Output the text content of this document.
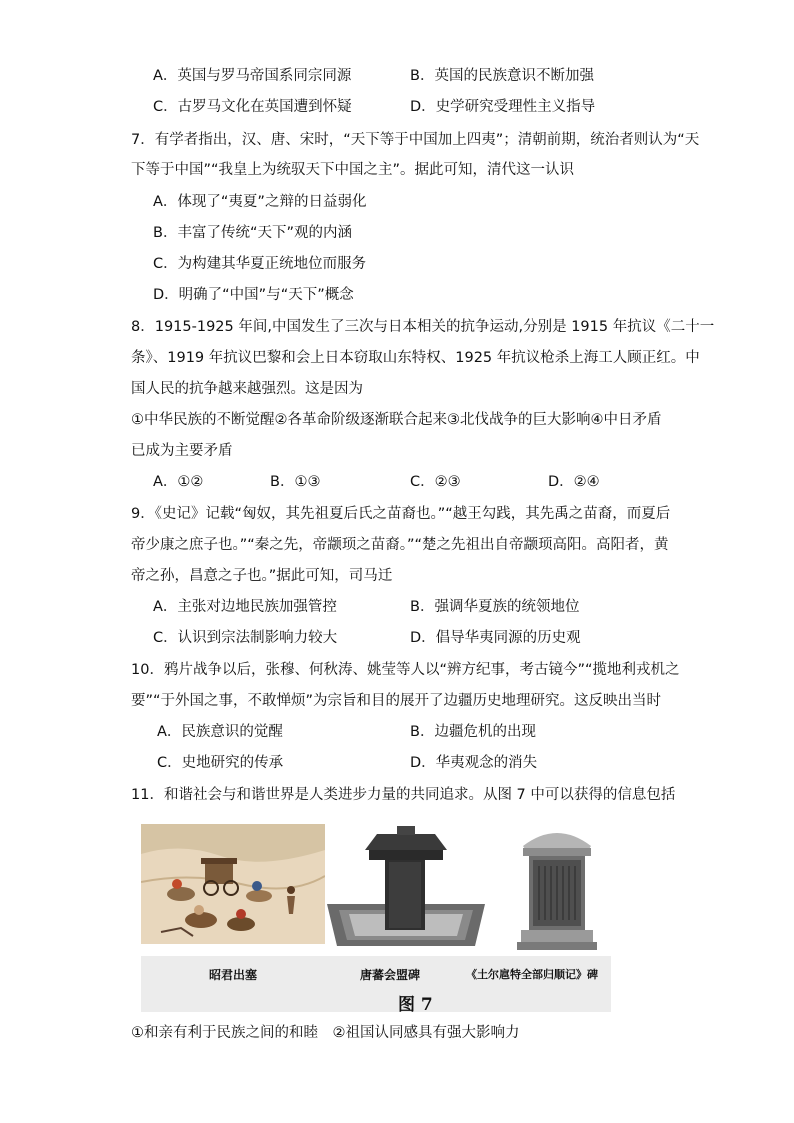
A．英国与罗马帝国系同宗同源	B．英国的民族意识不断加强
C．古罗马文化在英国遭到怀疑	D．史学研究受理性主义指导
7．有学者指出，汉、唐、宋时，“天下等于中国加上四夷”；清朝前期，统治者则认为“天
下等于中国”“我皇上为统驭天下中国之主”。据此可知，清代这一认识
A．体现了“夷夏”之辩的日益弱化
B．丰富了传统“天下”观的内涵
C．为构建其华夏正统地位而服务
D．明确了“中国”与“天下”概念
8．1915-1925 年间,中国发生了三次与日本相关的抗争运动,分别是 1915 年抗议《二十一
条》、1919 年抗议巴黎和会上日本窃取山东特权、1925 年抗议枪杀上海工人顾正红。中
国人民的抗争越来越强烈。这是因为
①中华民族的不断觉醒②各革命阶级逐渐联合起来③北伐战争的巨大影响④中日矛盾
已成为主要矛盾
A．①②	B．①③	C．②③	D．②④
9．《史记》记载“匈奴，其先祖夏后氏之苗裔也。”“越王勾践，其先禹之苗裔，而夏后
帝少康之庶子也。”“秦之先，帝颛顼之苗裔。”“楚之先祖出自帝颛顼高阳。高阳者，黄
帝之孙，昌意之子也。”据此可知，司马迁
A．主张对边地民族加强管控	B．强调华夏族的统领地位
C．认识到宗法制影响力较大	D．倡导华夷同源的历史观
10．鸦片战争以后，张穆、何秋涛、姚莹等人以“辨方纪事，考古镜今”“揽地利戎机之
要”“于外国之事，不敢惮烦”为宗旨和目的展开了边疆历史地理研究。这反映出当时
A．民族意识的觉醒	B．边疆危机的出现
C．史地研究的传承	D．华夷观念的消失
11．和谐社会与和谐世界是人类进步力量的共同追求。从图 7 中可以获得的信息包括
昭君出塞	唐蕃会盟碑	《土尔扈特全部归顺记》碑
图 7
①和亲有利于民族之间的和睦　②祖国认同感具有强大影响力
